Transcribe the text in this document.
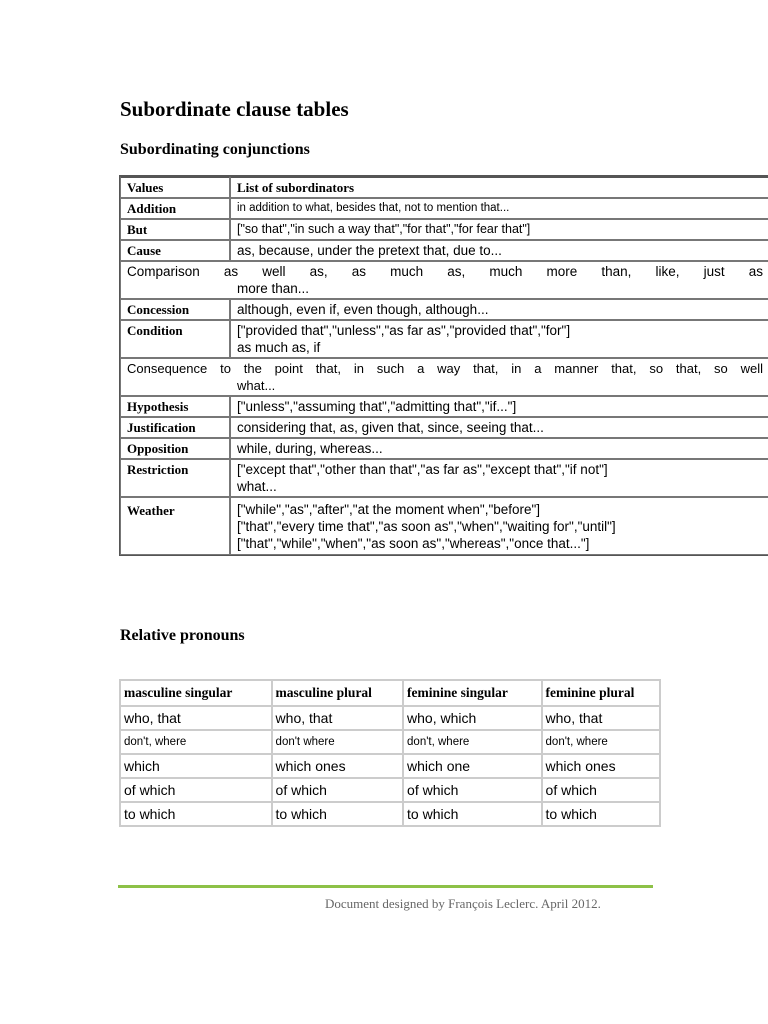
Subordinate clause tables
Subordinating conjunctions
Values	List of subordinators
Addition	in addition to what, besides that, not to mention that...

But	["so that","in such a way that","for that","for fear that"]

Cause	as, because, under the pretext that, due to...

Comparison as well as, as much as, much more than, like, just as
more than...	

Concession	although, even if, even though, although...

Condition	["provided that","unless","as far as","provided that","for"]
as much as, if

Consequence to the point that, in such a way that, in a manner that, so that, so well
what...	

Hypothesis	["unless","assuming that","admitting that","if..."]

Justification	considering that, as, given that, since, seeing that...

Opposition	while, during, whereas...

Restriction	["except that","other than that","as far as","except that","if not"]
what...

Weather	["while","as","after","at the moment when","before"]
["that","every time that","as soon as","when","waiting for","until"]
["that","while","when","as soon as","whereas","once that..."]
Relative pronouns
masculine singular	masculine plural	feminine singular	feminine plural
who, that	who, that	who, which	who, that
don't, where	don't where	don't, where	don't, where
which	which ones	which one	which ones
of which	of which	of which	of which
to which	to which	to which	to which
Document designed by François Leclerc. April 2012.
